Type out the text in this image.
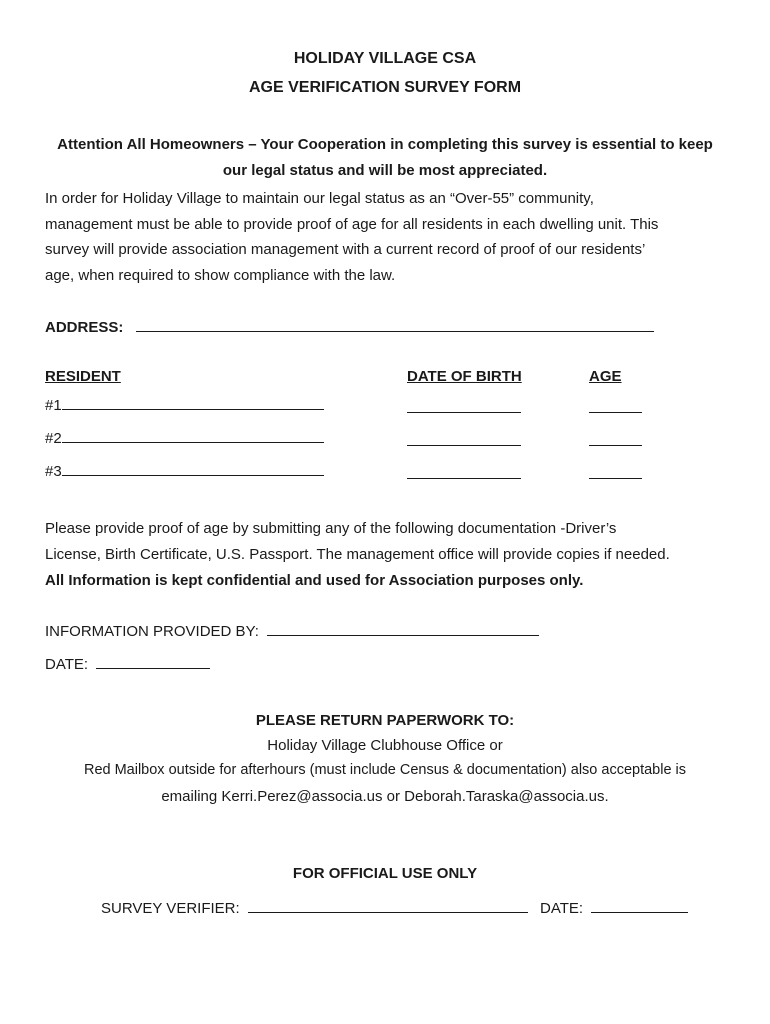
HOLIDAY VILLAGE CSA
AGE VERIFICATION SURVEY FORM
Attention All Homeowners – Your Cooperation in completing this survey is essential to keep
our legal status and will be most appreciated.
In order for Holiday Village to maintain our legal status as an “Over-55” community,
management must be able to provide proof of age for all residents in each dwelling unit. This
survey will provide association management with a current record of proof of our residents’
age, when required to show compliance with the law.
ADDRESS:
RESIDENT	DATE OF BIRTH	AGE
#1
#2
#3
Please provide proof of age by submitting any of the following documentation -Driver’s
License, Birth Certificate, U.S. Passport. The management office will provide copies if needed.
All Information is kept confidential and used for Association purposes only.
INFORMATION PROVIDED BY:
DATE:
PLEASE RETURN PAPERWORK TO:
Holiday Village Clubhouse Office or
Red Mailbox outside for afterhours (must include Census & documentation) also acceptable is
emailing Kerri.Perez@associa.us or Deborah.Taraska@associa.us.
FOR OFFICIAL USE ONLY
SURVEY VERIFIER:	DATE:
